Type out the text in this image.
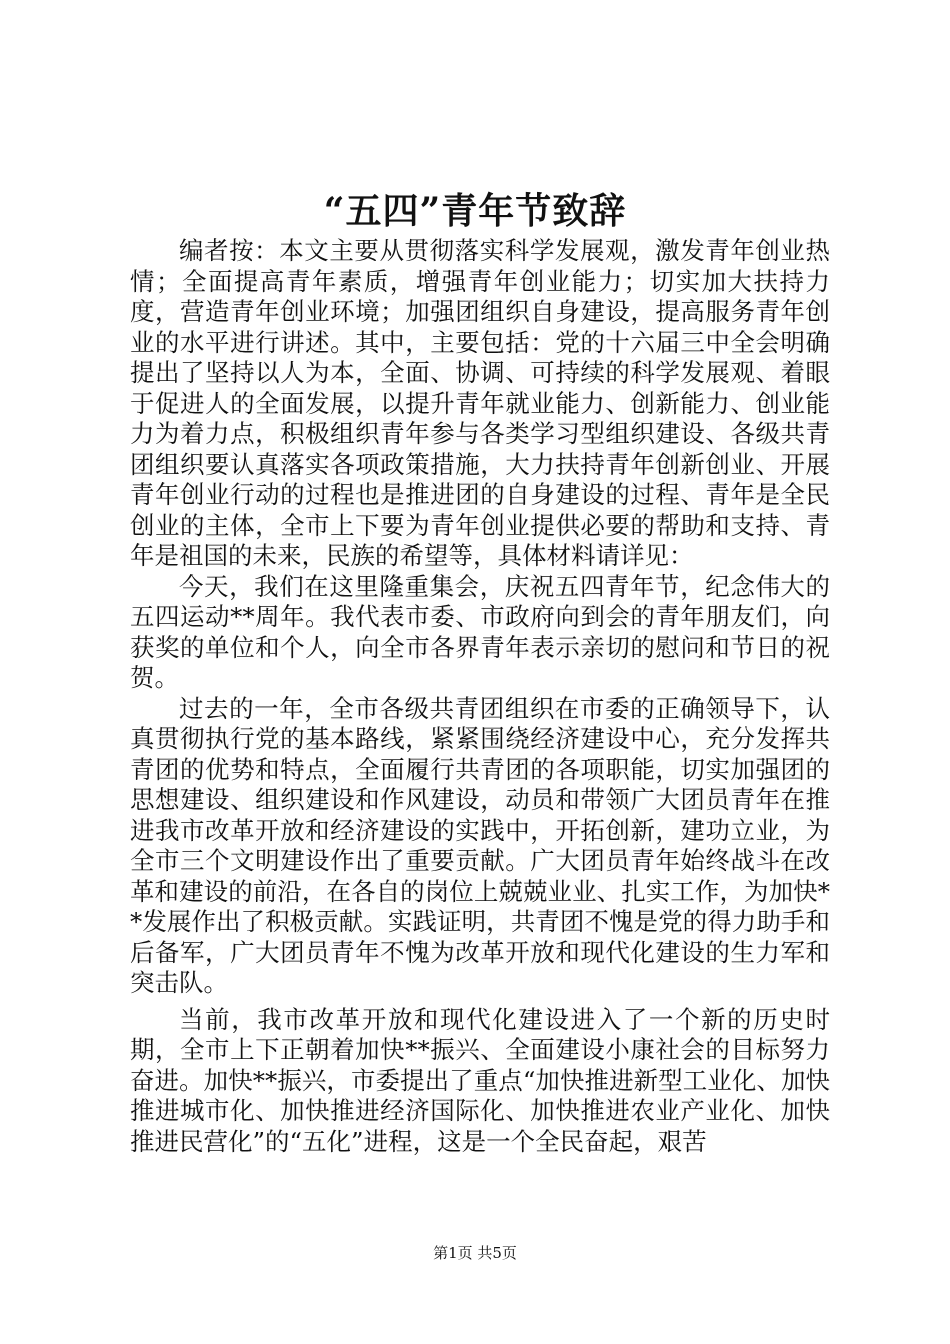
“五四”青年节致辞

编者按：本文主要从贯彻落实科学发展观，激发青年创业热情；全面提高青年素质，增强青年创业能力；切实加大扶持力度，营造青年创业环境；加强团组织自身建设，提高服务青年创业的水平进行讲述。其中，主要包括：党的十六届三中全会明确提出了坚持以人为本，全面、协调、可持续的科学发展观、着眼于促进人的全面发展，以提升青年就业能力、创新能力、创业能力为着力点，积极组织青年参与各类学习型组织建设、各级共青团组织要认真落实各项政策措施，大力扶持青年创新创业、开展青年创业行动的过程也是推进团的自身建设的过程、青年是全民创业的主体，全市上下要为青年创业提供必要的帮助和支持、青年是祖国的未来，民族的希望等，具体材料请详见：

今天，我们在这里隆重集会，庆祝五四青年节，纪念伟大的五四运动**周年。我代表市委、市政府向到会的青年朋友们，向获奖的单位和个人，向全市各界青年表示亲切的慰问和节日的祝贺。

过去的一年，全市各级共青团组织在市委的正确领导下，认真贯彻执行党的基本路线，紧紧围绕经济建设中心，充分发挥共青团的优势和特点，全面履行共青团的各项职能，切实加强团的思想建设、组织建设和作风建设，动员和带领广大团员青年在推进我市改革开放和经济建设的实践中，开拓创新，建功立业，为全市三个文明建设作出了重要贡献。广大团员青年始终战斗在改革和建设的前沿，在各自的岗位上兢兢业业、扎实工作，为加快**发展作出了积极贡献。实践证明，共青团不愧是党的得力助手和后备军，广大团员青年不愧为改革开放和现代化建设的生力军和突击队。

当前，我市改革开放和现代化建设进入了一个新的历史时期，全市上下正朝着加快**振兴、全面建设小康社会的目标努力奋进。加快**振兴，市委提出了重点“加快推进新型工业化、加快推进城市化、加快推进经济国际化、加快推进农业产业化、加快推进民营化”的“五化”进程，这是一个全民奋起，艰苦

第1页 共5页
